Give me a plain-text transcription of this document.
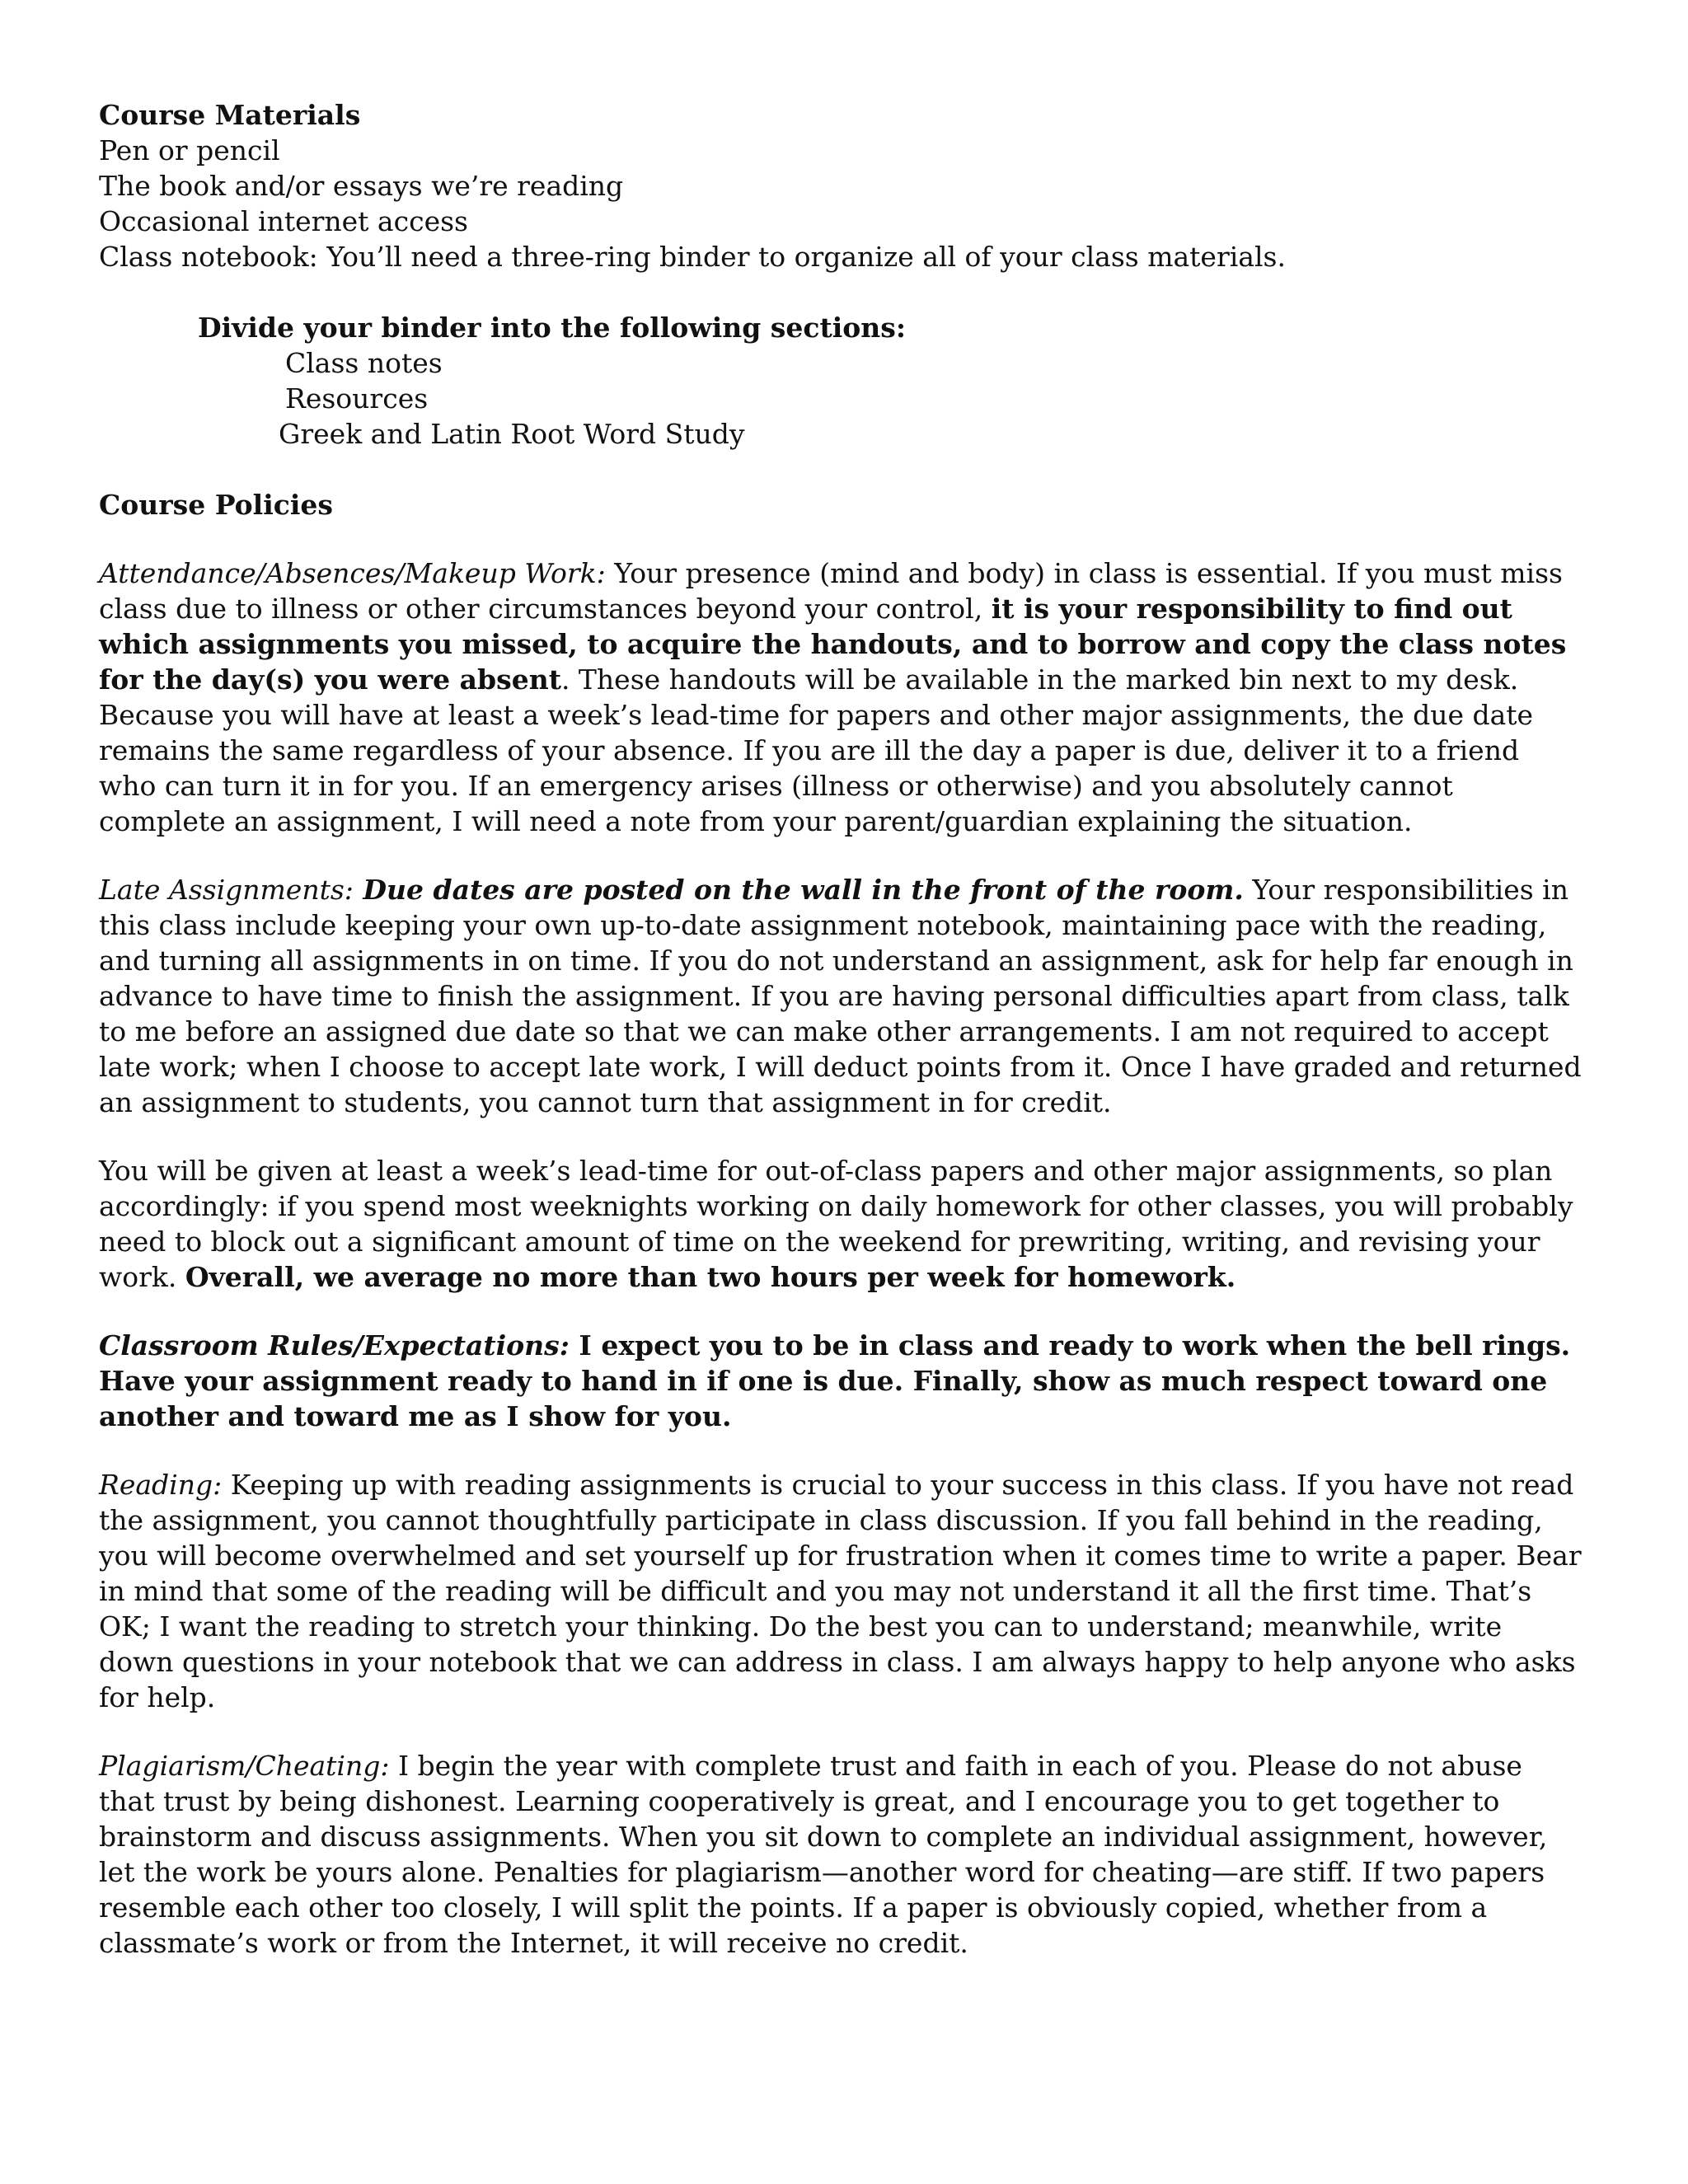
Course Materials
Pen or pencil
The book and/or essays we’re reading
Occasional internet access
Class notebook: You’ll need a three-ring binder to organize all of your class materials.
Divide your binder into the following sections:
Class notes
Resources
Greek and Latin Root Word Study
Course Policies

Attendance/Absences/Makeup Work: Your presence (mind and body) in class is essential. If you must miss class due to illness or other circumstances beyond your control, it is your responsibility to find out which assignments you missed, to acquire the handouts, and to borrow and copy the class notes for the day(s) you were absent. These handouts will be available in the marked bin next to my desk. Because you will have at least a week’s lead-time for papers and other major assignments, the due date remains the same regardless of your absence. If you are ill the day a paper is due, deliver it to a friend who can turn it in for you. If an emergency arises (illness or otherwise) and you absolutely cannot complete an assignment, I will need a note from your parent/guardian explaining the situation.

Late Assignments: Due dates are posted on the wall in the front of the room. Your responsibilities in this class include keeping your own up-to-date assignment notebook, maintaining pace with the reading, and turning all assignments in on time. If you do not understand an assignment, ask for help far enough in advance to have time to finish the assignment. If you are having personal difficulties apart from class, talk to me before an assigned due date so that we can make other arrangements. I am not required to accept late work; when I choose to accept late work, I will deduct points from it. Once I have graded and returned an assignment to students, you cannot turn that assignment in for credit.

You will be given at least a week’s lead-time for out-of-class papers and other major assignments, so plan accordingly: if you spend most weeknights working on daily homework for other classes, you will probably need to block out a significant amount of time on the weekend for prewriting, writing, and revising your work. Overall, we average no more than two hours per week for homework.

Classroom Rules/Expectations: I expect you to be in class and ready to work when the bell rings. Have your assignment ready to hand in if one is due. Finally, show as much respect toward one another and toward me as I show for you.

Reading: Keeping up with reading assignments is crucial to your success in this class. If you have not read the assignment, you cannot thoughtfully participate in class discussion. If you fall behind in the reading, you will become overwhelmed and set yourself up for frustration when it comes time to write a paper. Bear in mind that some of the reading will be difficult and you may not understand it all the first time. That’s OK; I want the reading to stretch your thinking. Do the best you can to understand; meanwhile, write down questions in your notebook that we can address in class. I am always happy to help anyone who asks for help.

Plagiarism/Cheating: I begin the year with complete trust and faith in each of you. Please do not abuse that trust by being dishonest. Learning cooperatively is great, and I encourage you to get together to brainstorm and discuss assignments. When you sit down to complete an individual assignment, however, let the work be yours alone. Penalties for plagiarism—another word for cheating—are stiff. If two papers resemble each other too closely, I will split the points. If a paper is obviously copied, whether from a classmate’s work or from the Internet, it will receive no credit.
